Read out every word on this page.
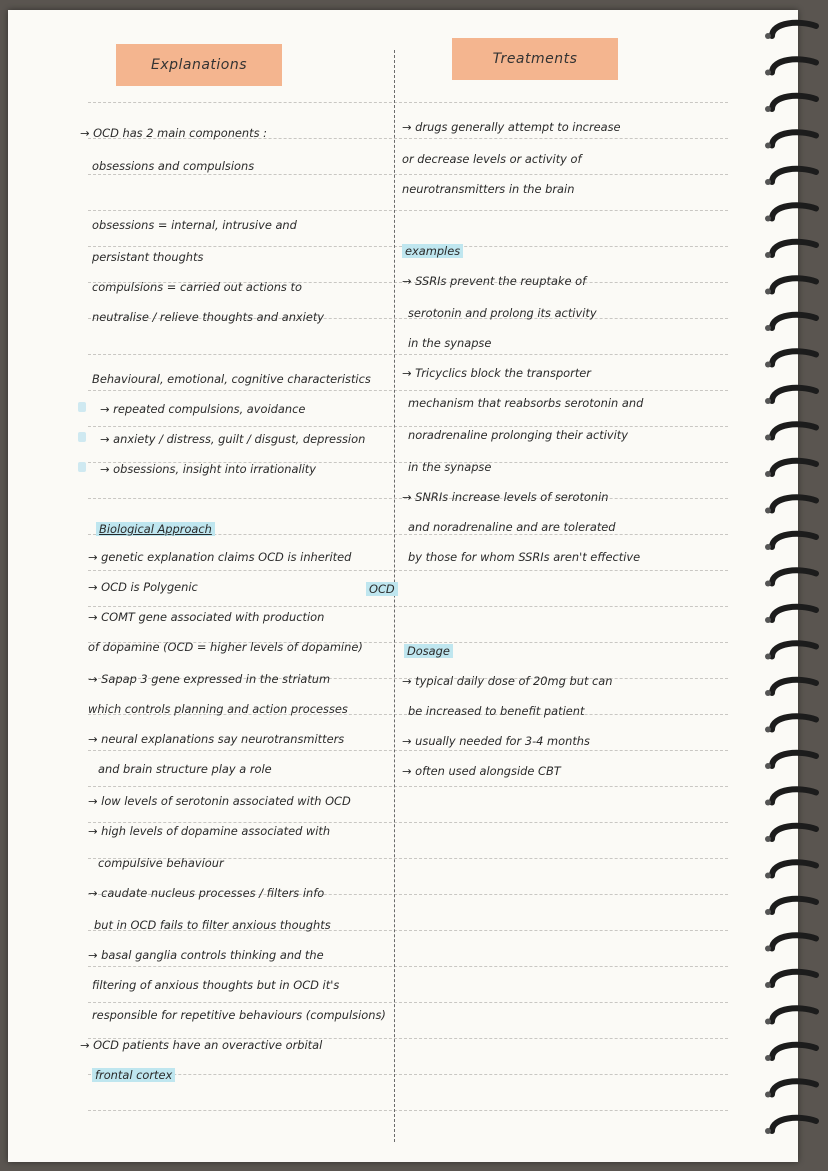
Explanations	Treatments
→ OCD has 2 main components :
obsessions and compulsions
obsessions = internal, intrusive and
persistant thoughts
compulsions = carried out actions to
neutralise / relieve thoughts and anxiety
Behavioural, emotional, cognitive characteristics
→ repeated compulsions, avoidance
→ anxiety / distress, guilt / disgust, depression
→ obsessions, insight into irrationality
Biological Approach
→ genetic explanation claims OCD is inherited
→ OCD is Polygenic
→ COMT gene associated with production
of dopamine (OCD = higher levels of dopamine)
→ Sapap 3 gene expressed in the striatum
which controls planning and action processes
→ neural explanations say neurotransmitters
and brain structure play a role
→ low levels of serotonin associated with OCD
→ high levels of dopamine associated with
compulsive behaviour
→ caudate nucleus processes / filters info
but in OCD fails to filter anxious thoughts
→ basal ganglia controls thinking and the
filtering of anxious thoughts but in OCD it's
responsible for repetitive behaviours (compulsions)
→ OCD patients have an overactive orbital
frontal cortex
→ drugs generally attempt to increase
or decrease levels or activity of
neurotransmitters in the brain
examples
→ SSRIs prevent the reuptake of
serotonin and prolong its activity
in the synapse
→ Tricyclics block the transporter
mechanism that reabsorbs serotonin and
noradrenaline prolonging their activity
in the synapse
→ SNRIs increase levels of serotonin
and noradrenaline and are tolerated
by those for whom SSRIs aren't effective
OCD
Dosage
→ typical daily dose of 20mg but can
be increased to benefit patient
→ usually needed for 3-4 months
→ often used alongside CBT
